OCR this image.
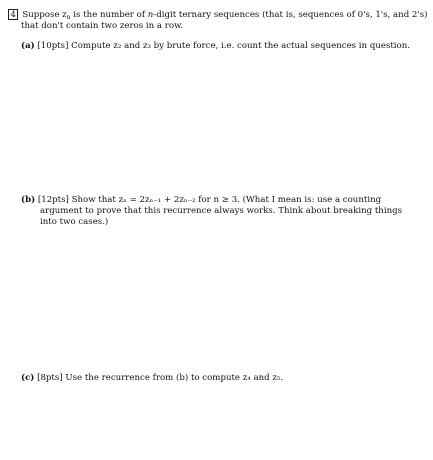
4 Suppose $z_n$ is the number of n-digit ternary sequences (that is, sequences of 0's, 1's, and 2's)
that don't contain two zeros in a row.
(a) [10pts] Compute z₂ and z₃ by brute force, i.e. count the actual sequences in question.
(b) [12pts] Show that zₙ = 2zₙ₋₁ + 2zₙ₋₂ for n ≥ 3. (What I mean is: use a counting
argument to prove that this recurrence always works. Think about breaking things
into two cases.)
(c) [8pts] Use the recurrence from (b) to compute z₄ and z₅.
